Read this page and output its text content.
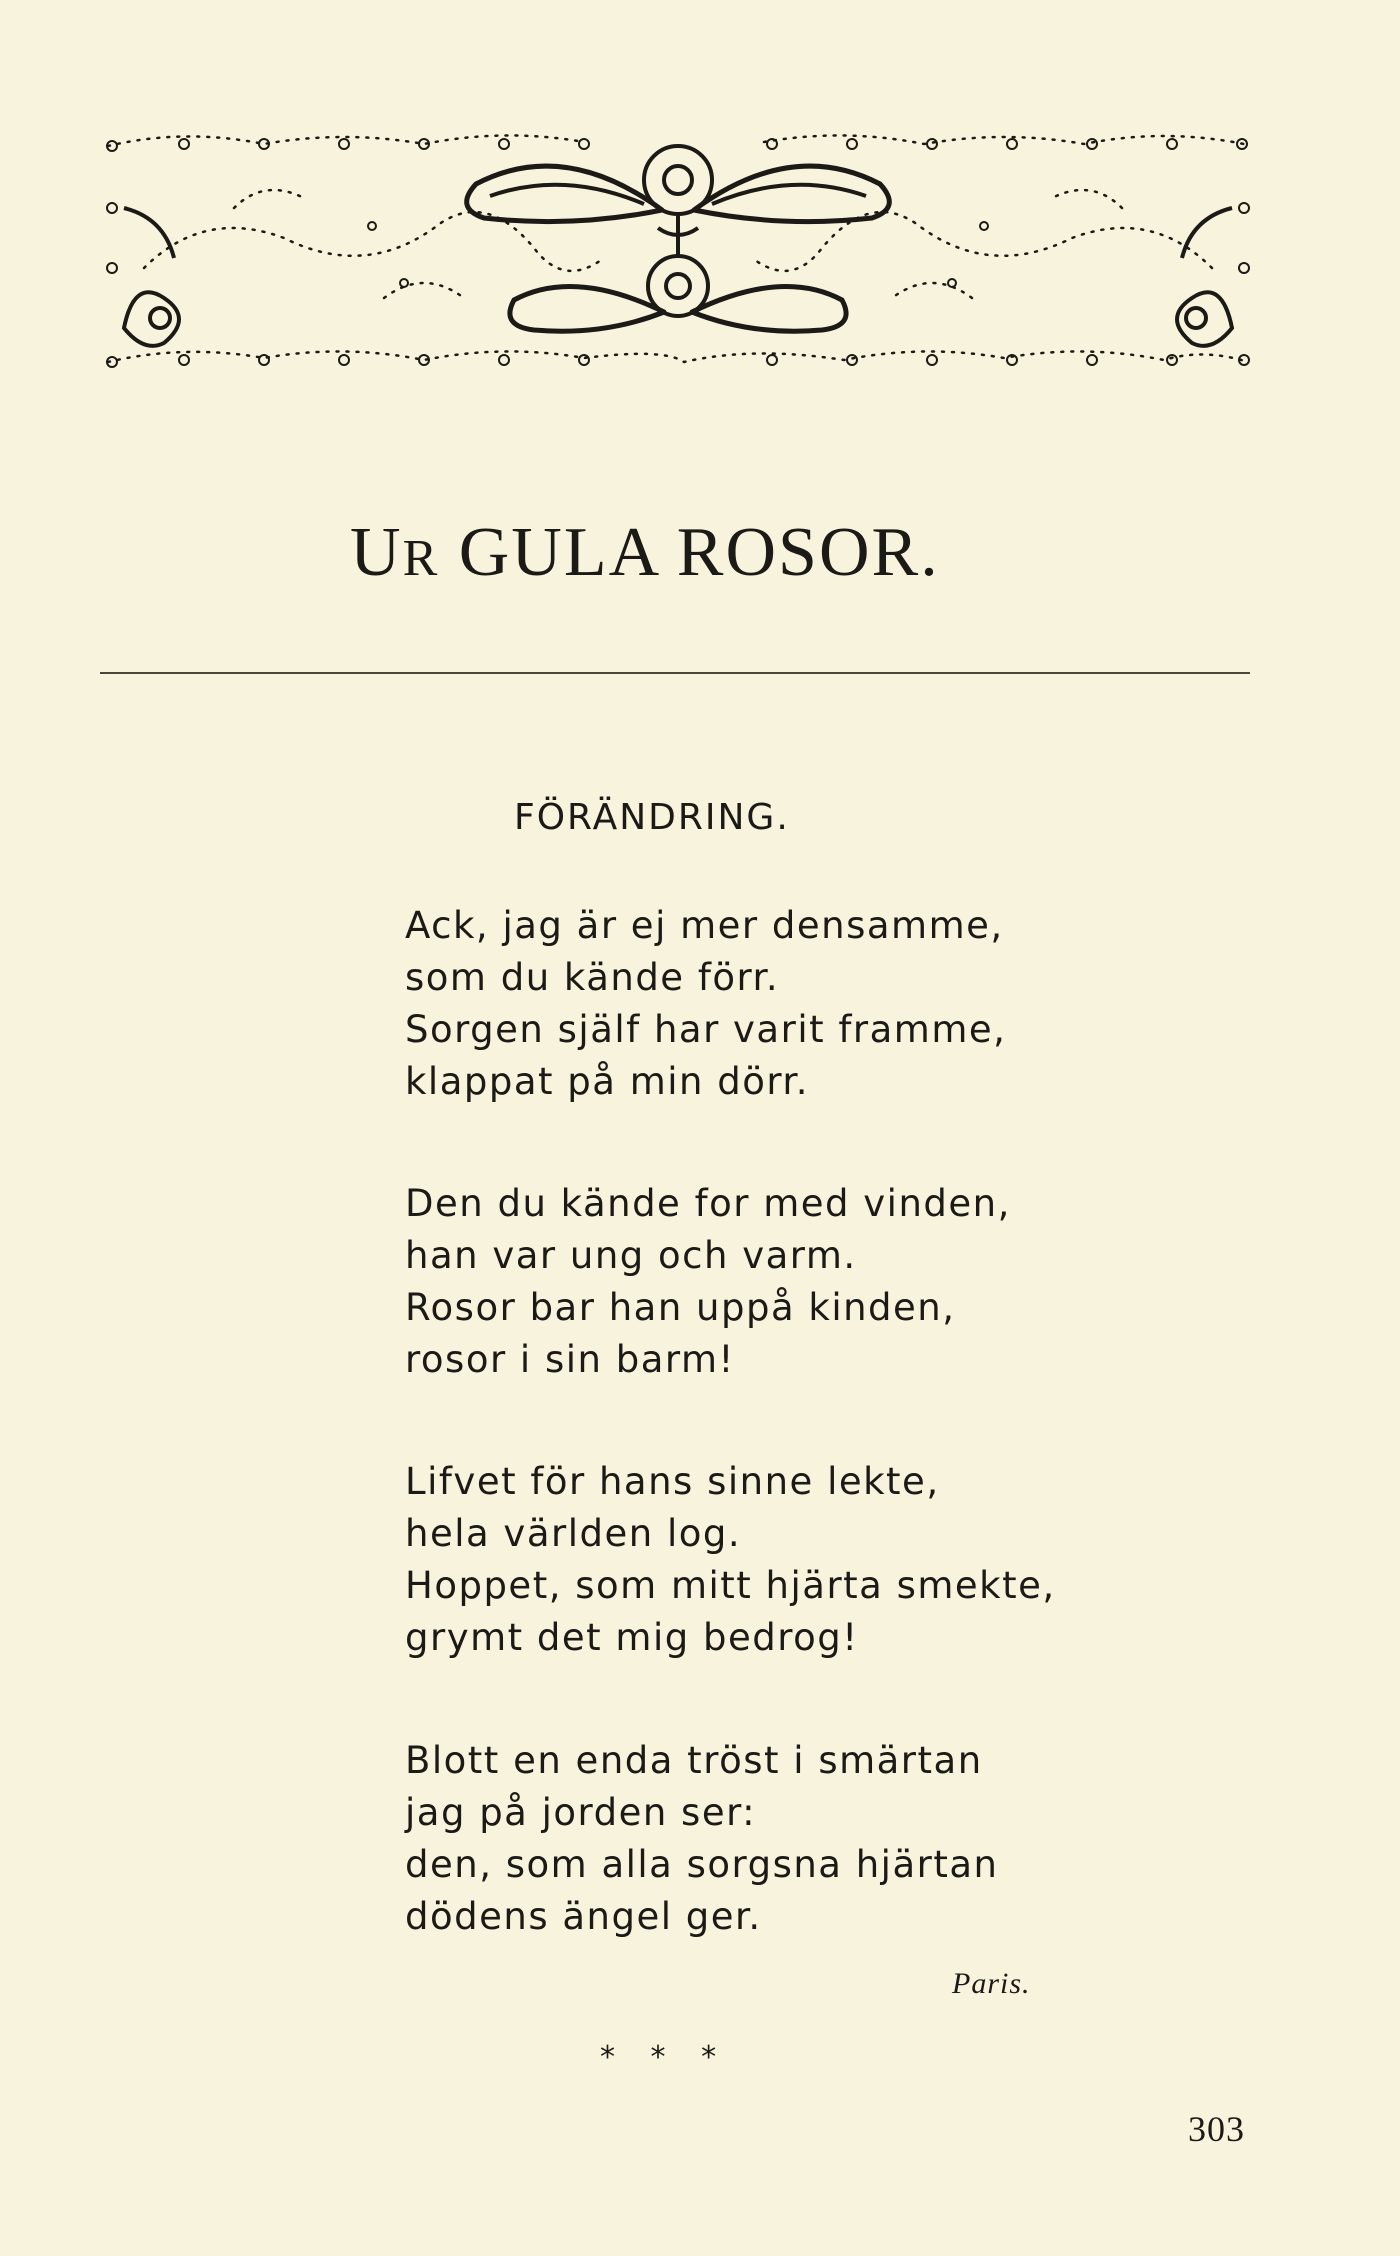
UR GULA ROSOR.
FÖRÄNDRING.
Ack, jag är ej mer densamme,
som du kände förr.
Sorgen själf har varit framme,
klappat på min dörr.
Den du kände for med vinden,
han var ung och varm.
Rosor bar han uppå kinden,
rosor i sin barm!
Lifvet för hans sinne lekte,
hela världen log.
Hoppet, som mitt hjärta smekte,
grymt det mig bedrog!
Blott en enda tröst i smärtan
jag på jorden ser:
den, som alla sorgsna hjärtan
dödens ängel ger.
Paris.
* * *
303
